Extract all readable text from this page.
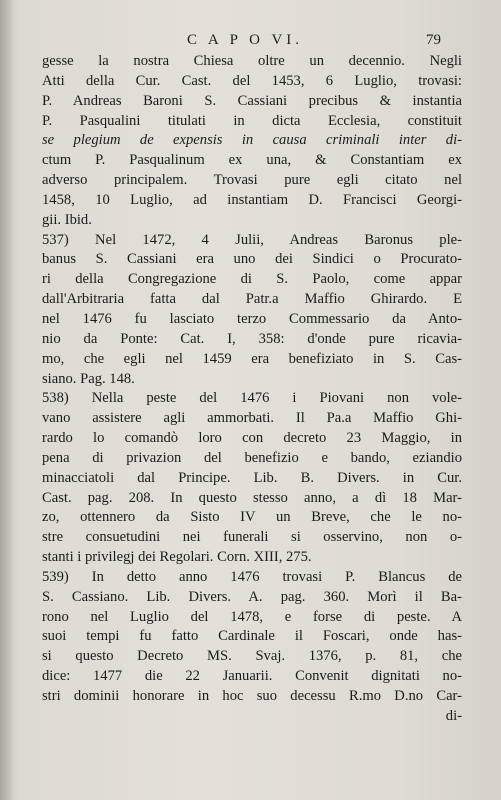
C A P O VI.	79
gesse la nostra Chiesa oltre un decennio. Negli
Atti della Cur. Cast. del 1453, 6 Luglio, trovasi:
P. Andreas Baroni S. Cassiani precibus & instantia
P. Pasqualini titulati in dicta Ecclesia, constituit
se plegium de expensis in causa criminali inter di-
ctum P. Pasqualinum ex una, & Constantiam ex
adverso principalem. Trovasi pure egli citato nel
1458, 10 Luglio, ad instantiam D. Francisci Georgi-
gii. Ibid.
537) Nel 1472, 4 Julii, Andreas Baronus ple-
banus S. Cassiani era uno dei Sindici o Procurato-
ri della Congregazione di S. Paolo, come appar
dall'Arbitraria fatta dal Patr.a Maffio Ghirardo. E
nel 1476 fu lasciato terzo Commessario da Anto-
nio da Ponte: Cat. I, 358: d'onde pure ricavia-
mo, che egli nel 1459 era benefiziato in S. Cas-
siano. Pag. 148.
538) Nella peste del 1476 i Piovani non vole-
vano assistere agli ammorbati. Il Pa.a Maffio Ghi-
rardo lo comandò loro con decreto 23 Maggio, in
pena di privazion del benefizio e bando, eziandio
minacciatoli dal Principe. Lib. B. Divers. in Cur.
Cast. pag. 208. In questo stesso anno, a dì 18 Mar-
zo, ottennero da Sisto IV un Breve, che le no-
stre consuetudini nei funerali si osservino, non o-
stanti i privilegj dei Regolari. Corn. XIII, 275.
539) In detto anno 1476 trovasi P. Blancus de
S. Cassiano. Lib. Divers. A. pag. 360. Morì il Ba-
rono nel Luglio del 1478, e forse di peste. A
suoi tempi fu fatto Cardinale il Foscari, onde has-
si questo Decreto MS. Svaj. 1376, p. 81, che
dice: 1477 die 22 Januarii. Convenit dignitati no-
stri dominii honorare in hoc suo decessu R.mo D.no Car-
di-
